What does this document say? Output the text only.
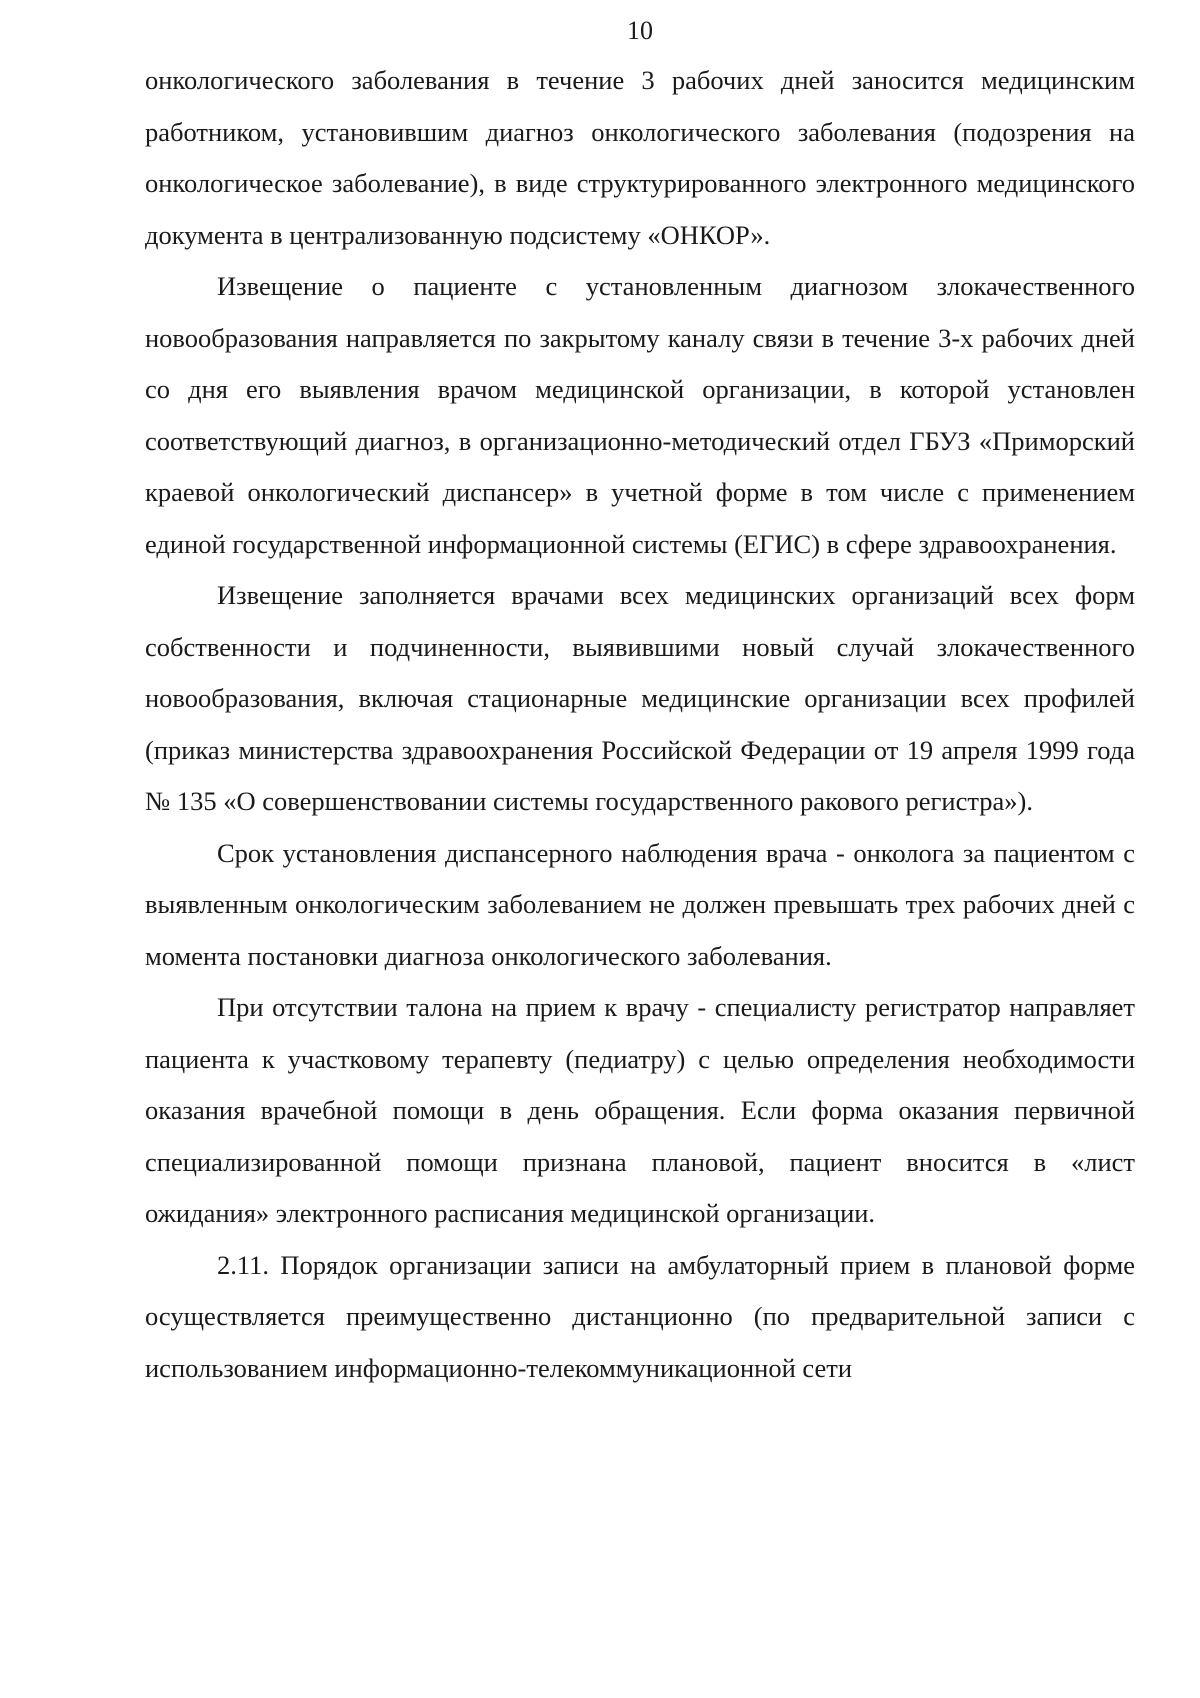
10

онкологического заболевания в течение 3 рабочих дней заносится медицинским работником, установившим диагноз онкологического заболевания (подозрения на онкологическое заболевание), в виде структурированного электронного медицинского документа в централизованную подсистему «ОНКОР».

Извещение о пациенте с установленным диагнозом злокачественного новообразования направляется по закрытому каналу связи в течение 3-х рабочих дней со дня его выявления врачом медицинской организации, в которой установлен соответствующий диагноз, в организационно-методический отдел ГБУЗ «Приморский краевой онкологический диспансер» в учетной форме в том числе с применением единой государственной информационной системы (ЕГИС) в сфере здравоохранения.

Извещение заполняется врачами всех медицинских организаций всех форм собственности и подчиненности, выявившими новый случай злокачественного новообразования, включая стационарные медицинские организации всех профилей (приказ министерства здравоохранения Российской Федерации от 19 апреля 1999 года № 135 «О совершенствовании системы государственного ракового регистра»).

Срок установления диспансерного наблюдения врача - онколога за пациентом с выявленным онкологическим заболеванием не должен превышать трех рабочих дней с момента постановки диагноза онкологического заболевания.

При отсутствии талона на прием к врачу - специалисту регистратор направляет пациента к участковому терапевту (педиатру) с целью определения необходимости оказания врачебной помощи в день обращения. Если форма оказания первичной специализированной помощи признана плановой, пациент вносится в «лист ожидания» электронного расписания медицинской организации.

2.11. Порядок организации записи на амбулаторный прием в плановой форме осуществляется преимущественно дистанционно (по предварительной записи с использованием информационно-телекоммуникационной сети
